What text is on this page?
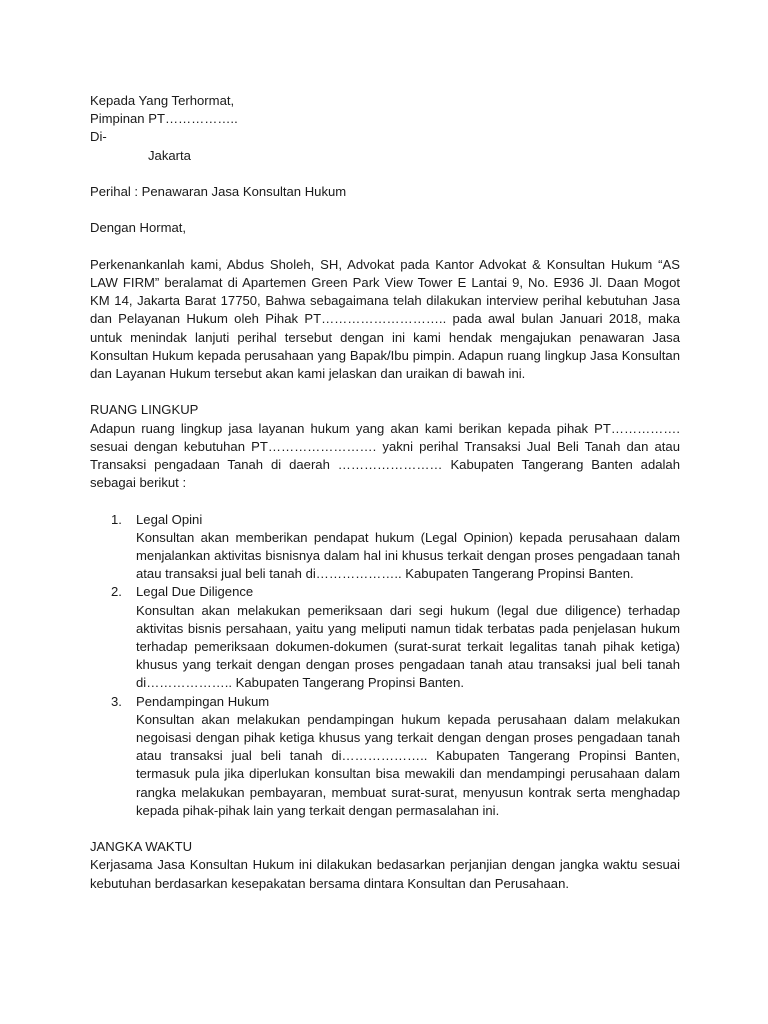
Kepada Yang Terhormat,
Pimpinan PT……………..
Di-
Jakarta
Perihal : Penawaran Jasa Konsultan Hukum
Dengan Hormat,

Perkenankanlah kami, Abdus Sholeh, SH, Advokat pada Kantor Advokat & Konsultan Hukum “AS LAW FIRM” beralamat di Apartemen Green Park View Tower E Lantai 9, No. E936 Jl. Daan Mogot KM 14, Jakarta Barat 17750, Bahwa sebagaimana telah dilakukan interview perihal kebutuhan Jasa dan Pelayanan Hukum oleh Pihak PT……………………….. pada awal bulan Januari 2018, maka untuk menindak lanjuti perihal tersebut dengan ini kami hendak mengajukan penawaran Jasa Konsultan Hukum kepada perusahaan yang Bapak/Ibu pimpin. Adapun ruang lingkup Jasa Konsultan dan Layanan Hukum tersebut akan kami jelaskan dan uraikan di bawah ini.

RUANG LINGKUP

Adapun ruang lingkup jasa layanan hukum yang akan kami berikan kepada pihak PT……………. sesuai dengan kebutuhan PT……………………. yakni perihal Transaksi Jual Beli Tanah dan atau Transaksi pengadaan Tanah di daerah …………………… Kabupaten Tangerang Banten adalah sebagai berikut :

1. Legal Opini

Konsultan akan memberikan pendapat hukum (Legal Opinion) kepada perusahaan dalam menjalankan aktivitas bisnisnya dalam hal ini khusus terkait dengan proses pengadaan tanah atau transaksi jual beli tanah di……………….. Kabupaten Tangerang Propinsi Banten.

2. Legal Due Diligence

Konsultan akan melakukan pemeriksaan dari segi hukum (legal due diligence) terhadap aktivitas bisnis persahaan, yaitu yang meliputi namun tidak terbatas pada penjelasan hukum terhadap pemeriksaan dokumen-dokumen (surat-surat terkait legalitas tanah pihak ketiga) khusus yang terkait dengan dengan proses pengadaan tanah atau transaksi jual beli tanah di……………….. Kabupaten Tangerang Propinsi Banten.

3. Pendampingan Hukum

Konsultan akan melakukan pendampingan hukum kepada perusahaan dalam melakukan negoisasi dengan pihak ketiga khusus yang terkait dengan dengan proses pengadaan tanah atau transaksi jual beli tanah di……………….. Kabupaten Tangerang Propinsi Banten, termasuk pula jika diperlukan konsultan bisa mewakili dan mendampingi perusahaan dalam rangka melakukan pembayaran, membuat surat-surat, menyusun kontrak serta menghadap kepada pihak-pihak lain yang terkait dengan permasalahan ini.

JANGKA WAKTU

Kerjasama Jasa Konsultan Hukum ini dilakukan bedasarkan perjanjian dengan jangka waktu sesuai kebutuhan berdasarkan kesepakatan bersama dintara Konsultan dan Perusahaan.
